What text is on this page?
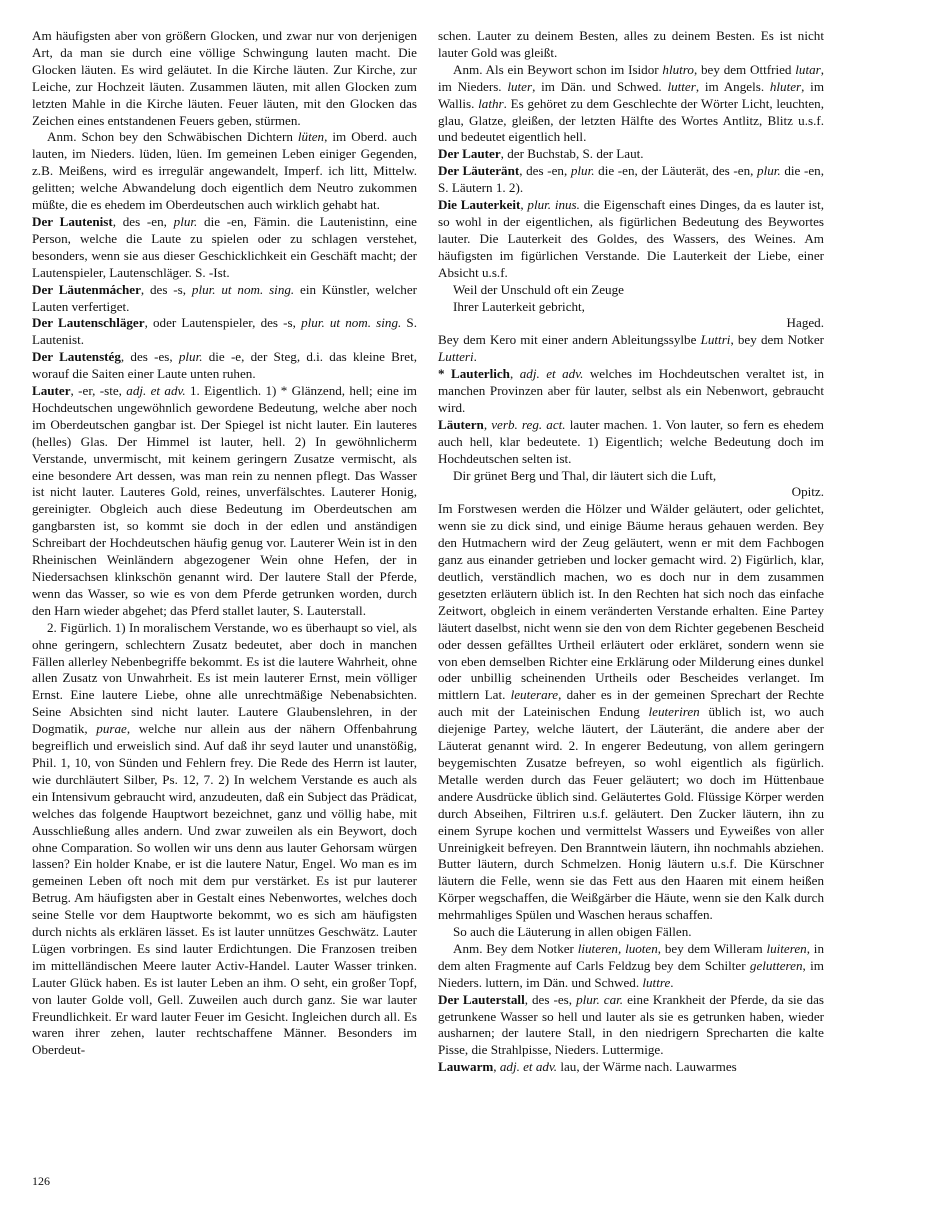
Am häufigsten aber von größern Glocken, und zwar nur von derjenigen Art, da man sie durch eine völlige Schwingung lauten macht. Die Glocken läuten. Es wird geläutet. In die Kirche läuten. Zur Kirche, zur Leiche, zur Hochzeit läuten. Zusammen läuten, mit allen Glocken zum letzten Mahle in die Kirche läuten. Feuer läuten, mit den Glocken das Zeichen eines entstandenen Feuers geben, stürmen.

Anm. Schon bey den Schwäbischen Dichtern lüten, im Oberd. auch lauten, im Nieders. lüden, lüen. Im gemeinen Leben einiger Gegenden, z.B. Meißens, wird es irregulär angewandelt, Imperf. ich litt, Mittelw. gelitten; welche Abwandelung doch eigentlich dem Neutro zukommen müßte, die es ehedem im Oberdeutschen auch wirklich gehabt hat.

Der Lautenist, des -en, plur. die -en, Fämin. die Lautenistinn, eine Person, welche die Laute zu spielen oder zu schlagen verstehet, besonders, wenn sie aus dieser Geschicklichkeit ein Geschäft macht; der Lautenspieler, Lautenschläger. S. -Ist.

Der Läutenmácher, des -s, plur. ut nom. sing. ein Künstler, welcher Lauten verfertiget.

Der Lautenschläger, oder Lautenspieler, des -s, plur. ut nom. sing. S. Lautenist.

Der Lautenstég, des -es, plur. die -e, der Steg, d.i. das kleine Bret, worauf die Saiten einer Laute unten ruhen.

Lauter, -er, -ste, adj. et adv. 1. Eigentlich. 1) * Glänzend, hell; eine im Hochdeutschen ungewöhnlich gewordene Bedeutung, welche aber noch im Oberdeutschen gangbar ist. Der Spiegel ist nicht lauter. Ein lauteres (helles) Glas. Der Himmel ist lauter, hell. 2) In gewöhnlicherm Verstande, unvermischt, mit keinem geringern Zusatze vermischt, als eine besondere Art dessen, was man rein zu nennen pflegt. Das Wasser ist nicht lauter. Lauteres Gold, reines, unverfälschtes. Lauterer Honig, gereinigter. Obgleich auch diese Bedeutung im Oberdeutschen am gangbarsten ist, so kommt sie doch in der edlen und anständigen Schreibart der Hochdeutschen häufig genug vor. Lauterer Wein ist in den Rheinischen Weinländern abgezogener Wein ohne Hefen, der in Niedersachsen klinkschön genannt wird. Der lautere Stall der Pferde, wenn das Wasser, so wie es von dem Pferde getrunken worden, durch den Harn wieder abgehet; das Pferd stallet lauter, S. Lauterstall.

2. Figürlich. 1) In moralischem Verstande, wo es überhaupt so viel, als ohne geringern, schlechtern Zusatz bedeutet, aber doch in manchen Fällen allerley Nebenbegriffe bekommt. Es ist die lautere Wahrheit, ohne allen Zusatz von Unwahrheit. Es ist mein lauterer Ernst, mein völliger Ernst. Eine lautere Liebe, ohne alle unrechtmäßige Nebenabsichten. Seine Absichten sind nicht lauter. Lautere Glaubenslehren, in der Dogmatik, purae, welche nur allein aus der nähern Offenbahrung begreiflich und erweislich sind. Auf daß ihr seyd lauter und unanstößig, Phil. 1, 10, von Sünden und Fehlern frey. Die Rede des Herrn ist lauter, wie durchläutert Silber, Ps. 12, 7. 2) In welchem Verstande es auch als ein Intensivum gebraucht wird, anzudeuten, daß ein Subject das Prädicat, welches das folgende Hauptwort bezeichnet, ganz und völlig habe, mit Ausschließung alles andern. Und zwar zuweilen als ein Beywort, doch ohne Comparation. So wollen wir uns denn aus lauter Gehorsam würgen lassen? Ein holder Knabe, er ist die lautere Natur, Engel. Wo man es im gemeinen Leben oft noch mit dem pur verstärket. Es ist pur lauterer Betrug. Am häufigsten aber in Gestalt eines Nebenwortes, welches doch seine Stelle vor dem Hauptworte bekommt, wo es sich am häufigsten durch nichts als erklären lässet. Es ist lauter unnützes Geschwätz. Lauter Lügen vorbringen. Es sind lauter Erdichtungen. Die Franzosen treiben im mittelländischen Meere lauter Activ-Handel. Lauter Wasser trinken. Lauter Glück haben. Es ist lauter Leben an ihm. O seht, ein großer Topf, von lauter Golde voll, Gell. Zuweilen auch durch ganz. Sie war lauter Freundlichkeit. Er ward lauter Feuer im Gesicht. Ingleichen durch all. Es waren ihrer zehen, lauter rechtschaffene Männer. Besonders im Oberdeut-

schen. Lauter zu deinem Besten, alles zu deinem Besten. Es ist nicht lauter Gold was gleißt.

Anm. Als ein Beywort schon im Isidor hlutro, bey dem Ottfried lutar, im Nieders. luter, im Dän. und Schwed. lutter, im Angels. hluter, im Wallis. lathr. Es gehöret zu dem Geschlechte der Wörter Licht, leuchten, glau, Glatze, gleißen, der letzten Hälfte des Wortes Antlitz, Blitz u.s.f. und bedeutet eigentlich hell.

Der Lauter, der Buchstab, S. der Laut.

Der Läuteränt, des -en, plur. die -en, der Läuterät, des -en, plur. die -en, S. Läutern 1. 2).

Die Lauterkeit, plur. inus. die Eigenschaft eines Dinges, da es lauter ist, so wohl in der eigentlichen, als figürlichen Bedeutung des Beywortes lauter. Die Lauterkeit des Goldes, des Wassers, des Weines. Am häufigsten im figürlichen Verstande. Die Lauterkeit der Liebe, einer Absicht u.s.f.

Weil der Unschuld oft ein Zeuge

Ihrer Lauterkeit gebricht,

Haged.

Bey dem Kero mit einer andern Ableitungssylbe Luttri, bey dem Notker Lutteri.

* Lauterlich, adj. et adv. welches im Hochdeutschen veraltet ist, in manchen Provinzen aber für lauter, selbst als ein Nebenwort, gebraucht wird.

Läutern, verb. reg. act. lauter machen. 1. Von lauter, so fern es ehedem auch hell, klar bedeutete. 1) Eigentlich; welche Bedeutung doch im Hochdeutschen selten ist.

Dir grünet Berg und Thal, dir läutert sich die Luft,

Opitz.

Im Forstwesen werden die Hölzer und Wälder geläutert, oder gelichtet, wenn sie zu dick sind, und einige Bäume heraus gehauen werden. Bey den Hutmachern wird der Zeug geläutert, wenn er mit dem Fachbogen ganz aus einander getrieben und locker gemacht wird. 2) Figürlich, klar, deutlich, verständlich machen, wo es doch nur in dem zusammen gesetzten erläutern üblich ist. In den Rechten hat sich noch das einfache Zeitwort, obgleich in einem veränderten Verstande erhalten. Eine Partey läutert daselbst, nicht wenn sie den von dem Richter gegebenen Bescheid oder dessen gefälltes Urtheil erläutert oder erkläret, sondern wenn sie von eben demselben Richter eine Erklärung oder Milderung eines dunkel oder unbillig scheinenden Urtheils oder Bescheides verlanget. Im mittlern Lat. leuterare, daher es in der gemeinen Sprechart der Rechte auch mit der Lateinischen Endung leuteriren üblich ist, wo auch diejenige Partey, welche läutert, der Läuteränt, die andere aber der Läuterat genannt wird. 2. In engerer Bedeutung, von allem geringern beygemischten Zusatze befreyen, so wohl eigentlich als figürlich. Metalle werden durch das Feuer geläutert; wo doch im Hüttenbaue andere Ausdrücke üblich sind. Geläutertes Gold. Flüssige Körper werden durch Abseihen, Filtriren u.s.f. geläutert. Den Zucker läutern, ihn zu einem Syrupe kochen und vermittelst Wassers und Eyweißes von aller Unreinigkeit befreyen. Den Branntwein läutern, ihn nochmahls abziehen. Butter läutern, durch Schmelzen. Honig läutern u.s.f. Die Kürschner läutern die Felle, wenn sie das Fett aus den Haaren mit einem heißen Körper wegschaffen, die Weißgärber die Häute, wenn sie den Kalk durch mehrmahliges Spülen und Waschen heraus schaffen.

So auch die Läuterung in allen obigen Fällen.

Anm. Bey dem Notker liuteren, luoten, bey dem Willeram luiteren, in dem alten Fragmente auf Carls Feldzug bey dem Schilter gelutteren, im Nieders. luttern, im Dän. und Schwed. luttre.

Der Lauterstall, des -es, plur. car. eine Krankheit der Pferde, da sie das getrunkene Wasser so hell und lauter als sie es getrunken haben, wieder ausharnen; der lautere Stall, in den niedrigern Sprecharten die kalte Pisse, die Strahlpisse, Nieders. Luttermige.

Lauwarm, adj. et adv. lau, der Wärme nach. Lauwarmes

126
